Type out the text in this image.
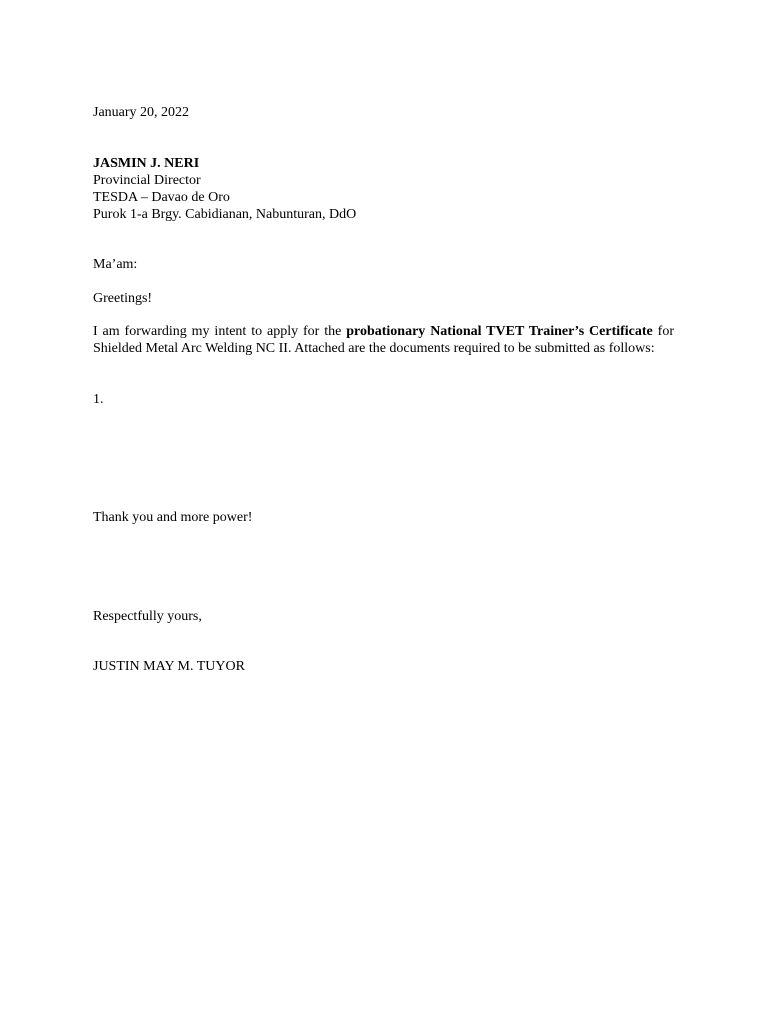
January 20, 2022
JASMIN J. NERI
Provincial Director
TESDA – Davao de Oro
Purok 1-a Brgy. Cabidianan, Nabunturan, DdO
Ma’am:
Greetings!
I am forwarding my intent to apply for the probationary National TVET Trainer’s Certificate for Shielded Metal Arc Welding NC II. Attached are the documents required to be submitted as follows:
1.
Thank you and more power!
Respectfully yours,
JUSTIN MAY M. TUYOR
